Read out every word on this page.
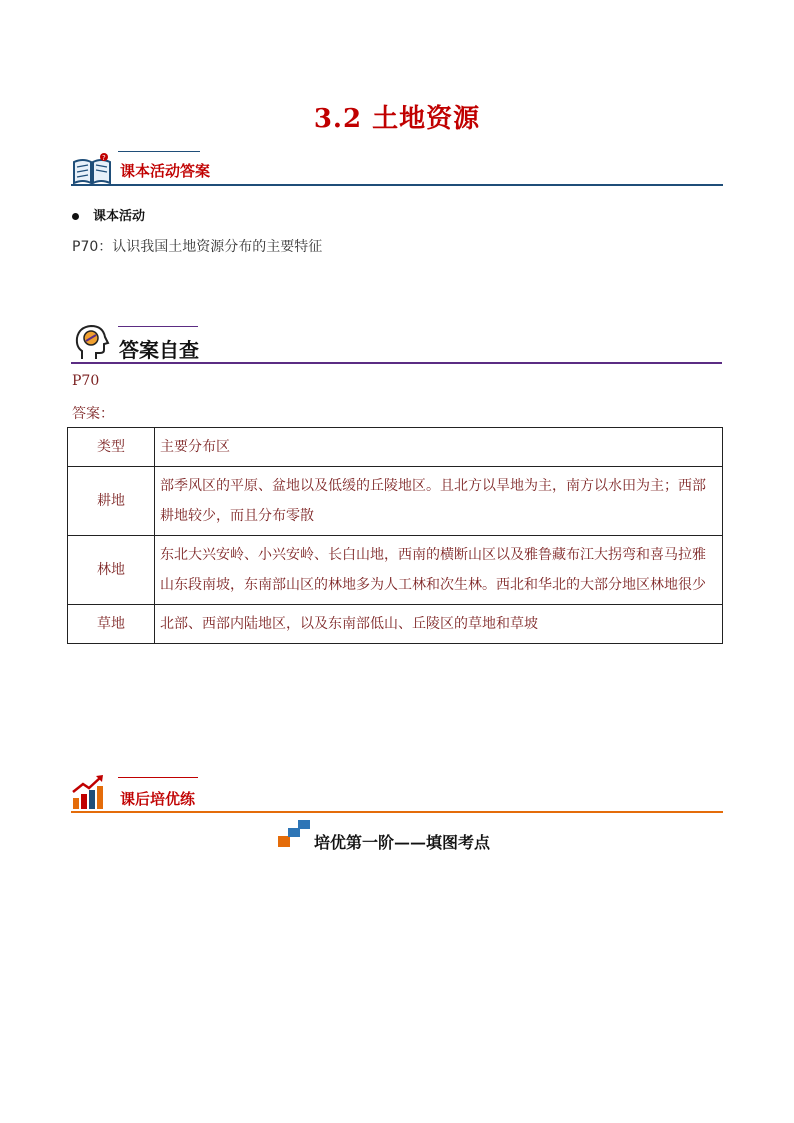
3.2 土地资源
?
课本活动答案
课本活动
P70：认识我国土地资源分布的主要特征
答案自查
P70
答案：
类型	主要分布区
耕地	部季风区的平原、盆地以及低缓的丘陵地区。且北方以旱地为主，南方以水田为主；西部耕地较少，而且分布零散
林地	东北大兴安岭、小兴安岭、长白山地，西南的横断山区以及雅鲁藏布江大拐弯和喜马拉雅山东段南坡，东南部山区的林地多为人工林和次生林。西北和华北的大部分地区林地很少
草地	北部、西部内陆地区，以及东南部低山、丘陵区的草地和草坡
课后培优练
培优第一阶——填图考点
